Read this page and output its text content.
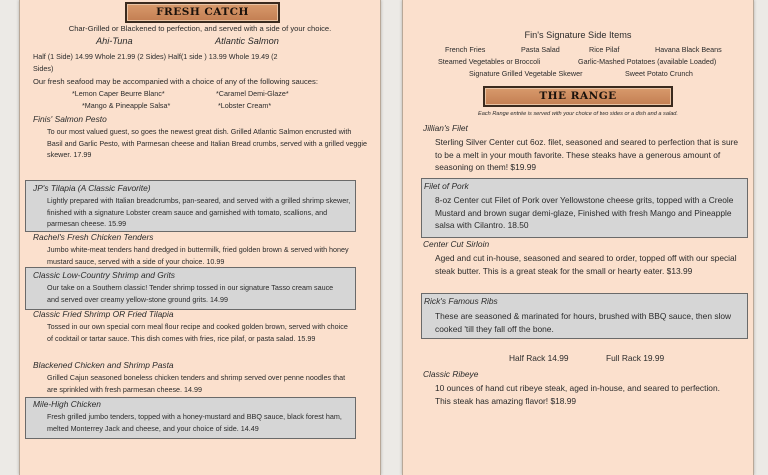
FRESH CATCH
Char-Grilled or Blackened to perfection, and served with a side of your choice.
Ahi-Tuna	Atlantic Salmon
Half (1 Side) 14.99 Whole 21.99 (2 Sides) Half(1 side ) 13.99 Whole 19.49 (2
Sides)
Our fresh seafood may be accompanied with a choice of any of the following sauces:
*Lemon Caper Beurre Blanc*	*Caramel Demi-Glaze*
*Mango & Pineapple Salsa*	*Lobster Cream*
Finis' Salmon Pesto
To our most valued guest, so goes the newest great dish. Grilled Atlantic Salmon encrusted with Basil and Garlic Pesto, with Parmesan cheese and Italian Bread crumbs, served with a grilled veggie skewer. 17.99
JP's Tilapia (A Classic Favorite)
Lightly prepared with Italian breadcrumbs, pan-seared, and served with a grilled shrimp skewer, finished with a signature Lobster cream sauce and garnished with tomato, scallions, and parmesan cheese. 15.99
Rachel's Fresh Chicken Tenders
Jumbo white-meat tenders hand dredged in buttermilk, fried golden brown & served with honey mustard sauce, served with a side of your choice. 10.99
Classic Low-Country Shrimp and Grits
Our take on a Southern classic! Tender shrimp tossed in our signature Tasso cream sauce and served over creamy yellow-stone ground grits. 14.99
Classic Fried Shrimp OR Fried Tilapia
Tossed in our own special corn meal flour recipe and cooked golden brown, served with choice of cocktail or tartar sauce. This dish comes with fries, rice pilaf, or pasta salad. 15.99
Blackened Chicken and Shrimp Pasta
Grilled Cajun seasoned boneless chicken tenders and shrimp served over penne noodles that are sprinkled with fresh parmesan cheese. 14.99
Mile-High Chicken
Fresh grilled jumbo tenders, topped with a honey-mustard and BBQ sauce, black forest ham, melted Monterrey Jack and cheese, and your choice of side. 14.49
Fin's Signature Side Items
French Fries	Pasta Salad	Rice Pilaf	Havana Black Beans
Steamed Vegetables or Broccoli	Garlic-Mashed Potatoes (available Loaded)
Signature Grilled Vegetable Skewer	Sweet Potato Crunch
THE RANGE
Each Range entrée is served with your choice of two sides or a dish and a salad.
Jillian's Filet
Sterling Silver Center cut 6oz. filet, seasoned and seared to perfection that is sure to be a melt in your mouth favorite. These steaks have a generous amount of seasoning on them! $19.99
Filet of Pork
8-oz Center cut Filet of Pork over Yellowstone cheese grits, topped with a Creole Mustard and brown sugar demi-glaze, Finished with fresh Mango and Pineapple salsa with Cilantro. 18.50
Center Cut Sirloin
Aged and cut in-house, seasoned and seared to order, topped off with our special steak butter. This is a great steak for the small or hearty eater. $13.99
Rick's Famous Ribs
These are seasoned & marinated for hours, brushed with BBQ sauce, then slow cooked 'till they fall off the bone.
Half Rack 14.99	Full Rack 19.99
Classic Ribeye
10 ounces of hand cut ribeye steak, aged in-house, and seared to perfection. This steak has amazing flavor! $18.99
